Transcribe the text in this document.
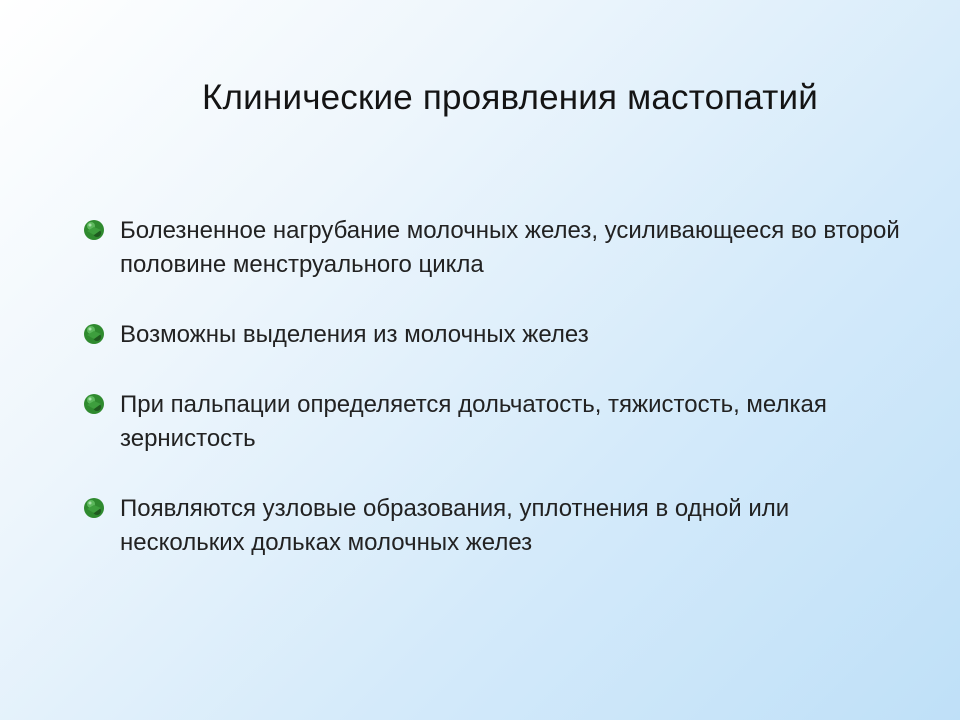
Клинические проявления мастопатий
Болезненное нагрубание молочных желез, усиливающееся во второй половине менструального цикла
Возможны выделения из молочных желез
При пальпации определяется дольчатость, тяжистость, мелкая зернистость
Появляются узловые образования, уплотнения в одной или нескольких дольках молочных желез
